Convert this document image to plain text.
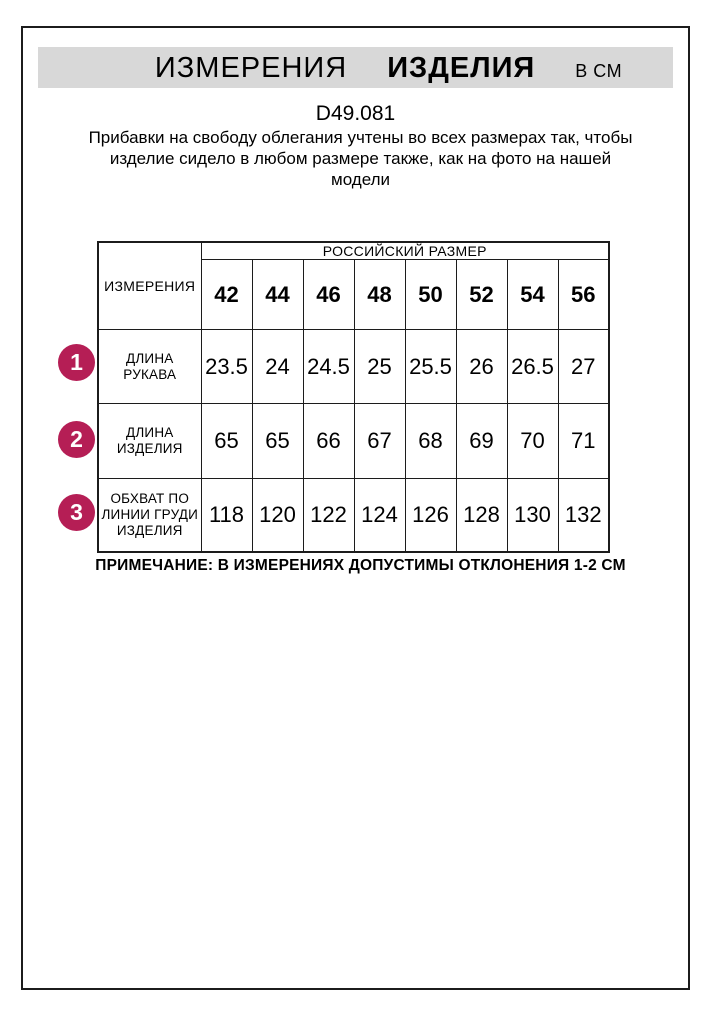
ИЗМЕРЕНИЯ ИЗДЕЛИЯ В СМ
D49.081
Прибавки на свободу облегания учтены во всех размерах так, чтобы
изделие сидело в любом размере также, как на фото на нашей
модели
ИЗМЕРЕНИЯ	РОССИЙСКИЙ РАЗМЕР							
	42	44	46	48	50	52	54	56

ДЛИНА РУКАВА	23.5	24	24.5	25	25.5	26	26.5	27

ДЛИНА
ИЗДЕЛИЯ	65	65	66	67	68	69	70	71

ОБХВАТ ПО
ЛИНИИ ГРУДИ
ИЗДЕЛИЯ	118	120	122	124	126	128	130	132
1
2
3
ПРИМЕЧАНИЕ: В ИЗМЕРЕНИЯХ ДОПУСТИМЫ ОТКЛОНЕНИЯ 1-2 СМ
